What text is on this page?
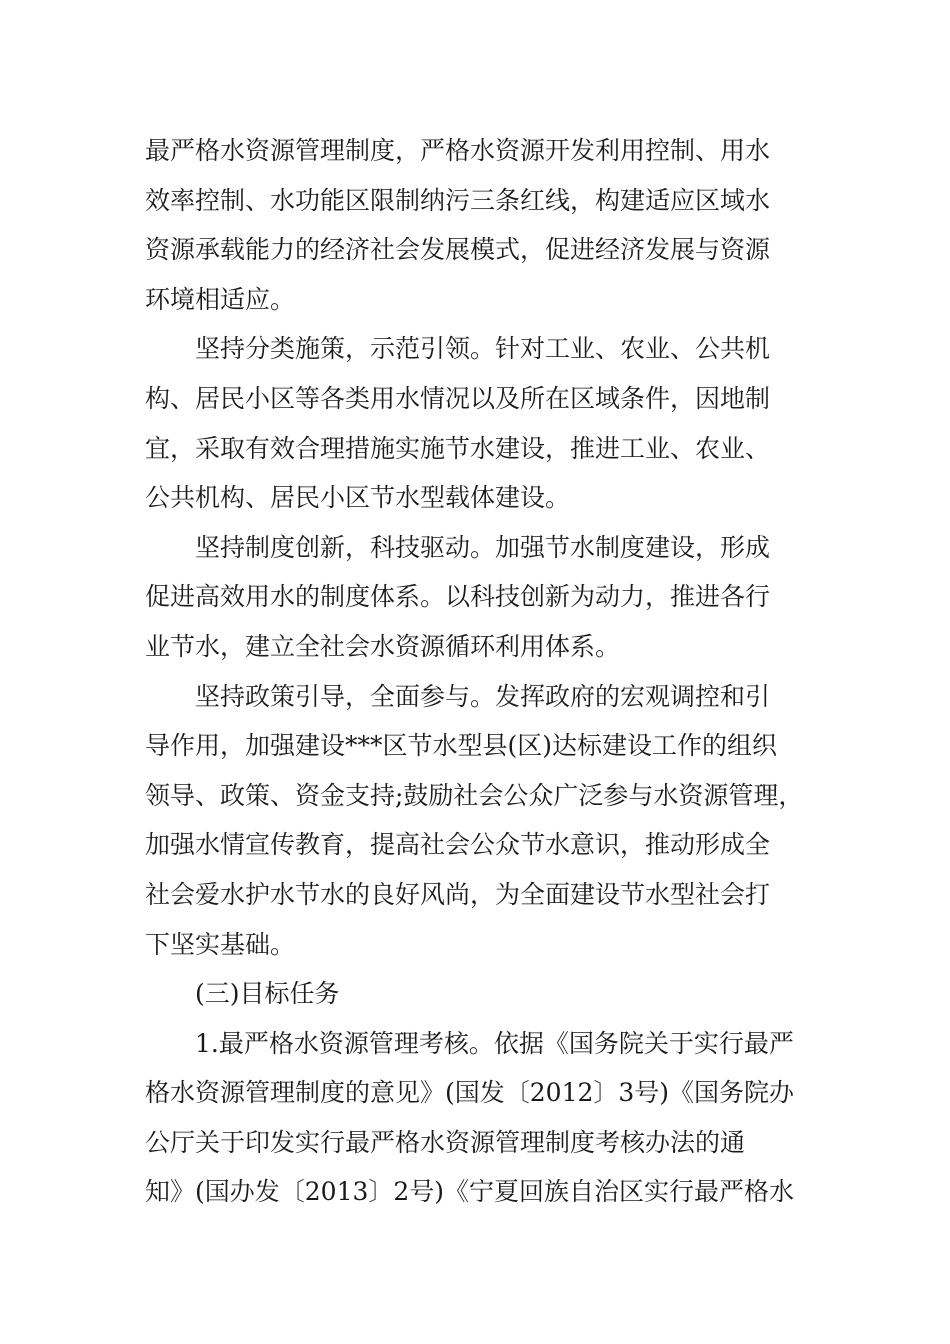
最严格水资源管理制度，严格水资源开发利用控制、用水
效率控制、水功能区限制纳污三条红线，构建适应区域水
资源承载能力的经济社会发展模式，促进经济发展与资源
环境相适应。
坚持分类施策，示范引领。针对工业、农业、公共机
构、居民小区等各类用水情况以及所在区域条件，因地制
宜，采取有效合理措施实施节水建设，推进工业、农业、
公共机构、居民小区节水型载体建设。
坚持制度创新，科技驱动。加强节水制度建设，形成
促进高效用水的制度体系。以科技创新为动力，推进各行
业节水，建立全社会水资源循环利用体系。
坚持政策引导，全面参与。发挥政府的宏观调控和引
导作用，加强建设***区节水型县(区)达标建设工作的组织
领导、政策、资金支持;鼓励社会公众广泛参与水资源管理，
加强水情宣传教育，提高社会公众节水意识，推动形成全
社会爱水护水节水的良好风尚，为全面建设节水型社会打
下坚实基础。
(三)目标任务
1.最严格水资源管理考核。依据《国务院关于实行最严
格水资源管理制度的意见》(国发〔2012〕3号)《国务院办
公厅关于印发实行最严格水资源管理制度考核办法的通
知》(国办发〔2013〕2号)《宁夏回族自治区实行最严格水
